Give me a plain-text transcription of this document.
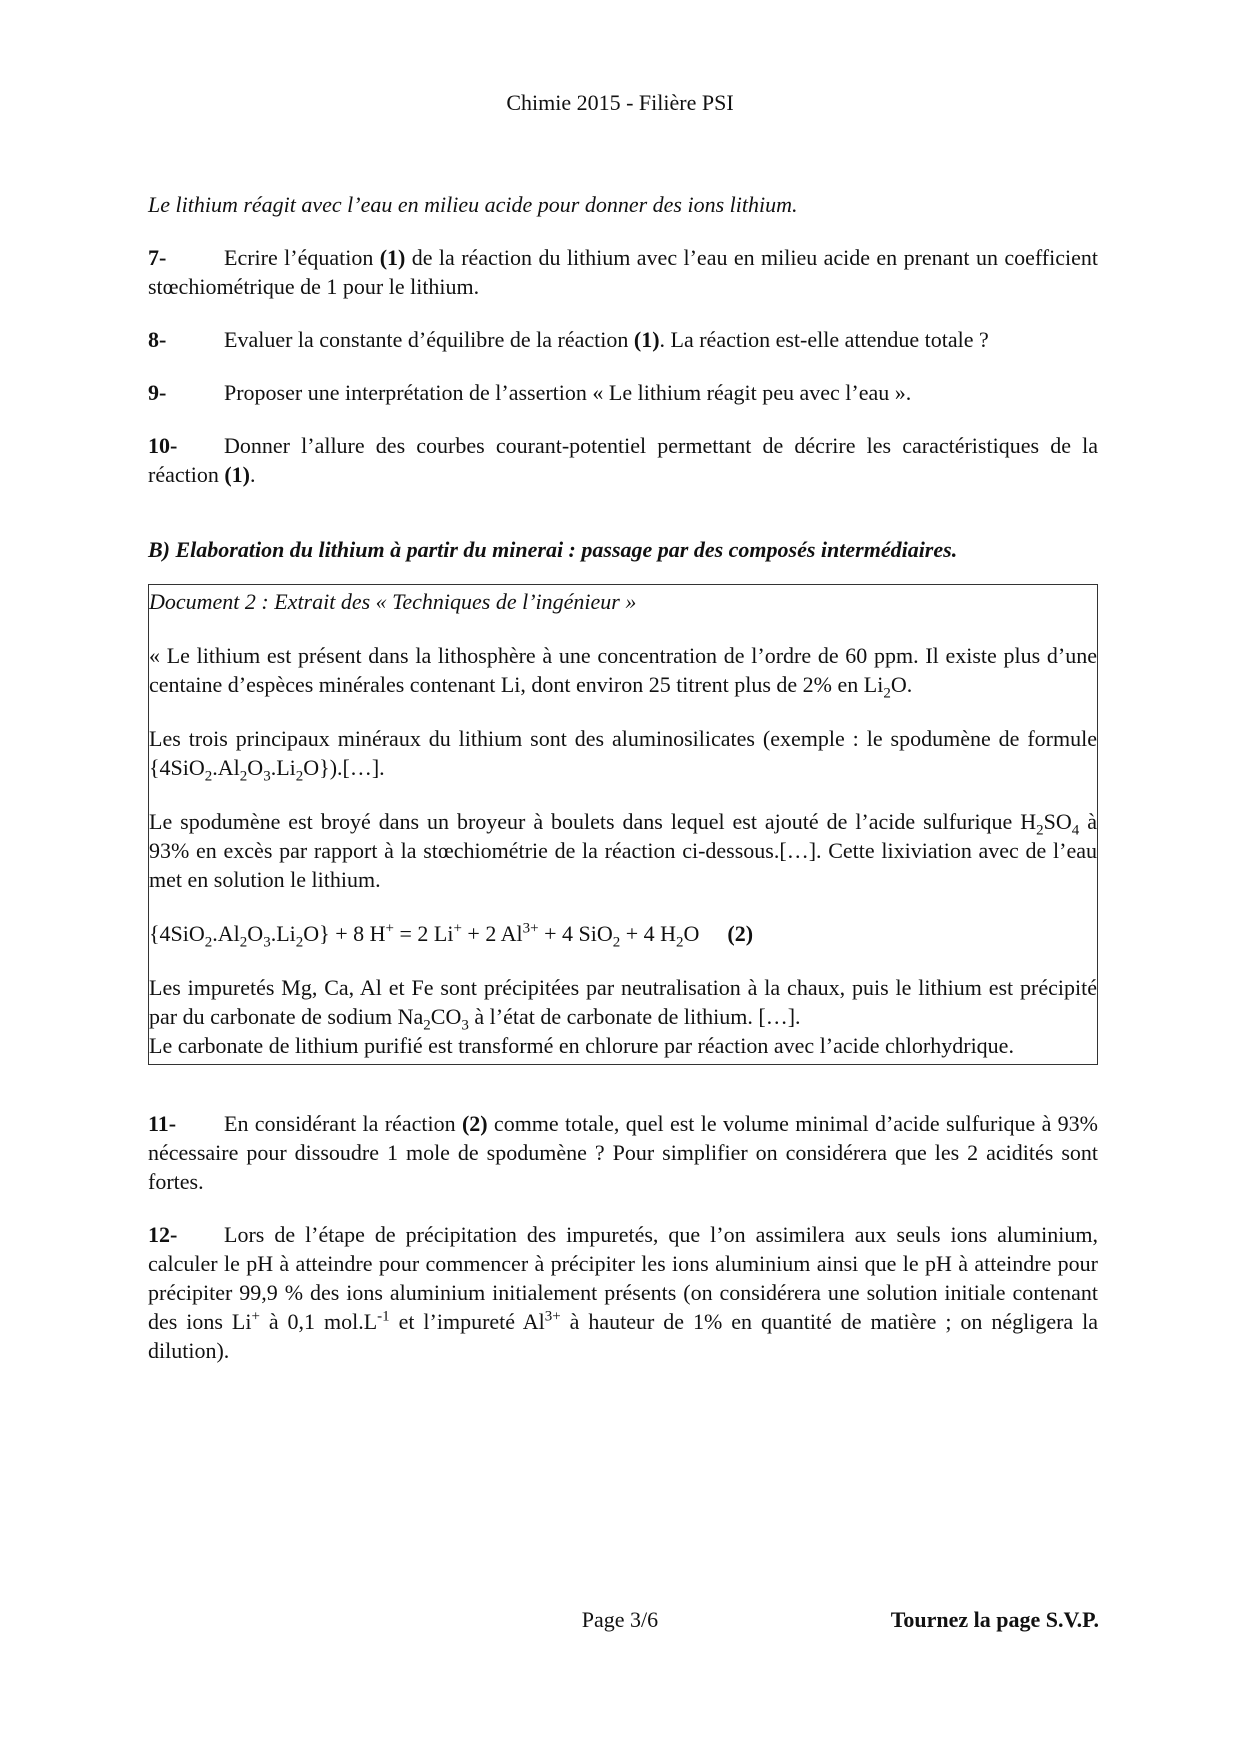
Chimie 2015 - Filière PSI

Le lithium réagit avec l’eau en milieu acide pour donner des ions lithium.

7-	Ecrire l’équation (1) de la réaction du lithium avec l’eau en milieu acide en prenant un coefficient stœchiométrique de 1 pour le lithium.

8-	Evaluer la constante d’équilibre de la réaction (1). La réaction est-elle attendue totale ?

9-	Proposer une interprétation de l’assertion « Le lithium réagit peu avec l’eau ».

10- Donner l’allure des courbes courant-potentiel permettant de décrire les caractéristiques de la réaction (1).

B) Elaboration du lithium à partir du minerai : passage par des composés intermédiaires.

Document 2 : Extrait des « Techniques de l’ingénieur »

« Le lithium est présent dans la lithosphère à une concentration de l’ordre de 60 ppm. Il existe plus d’une centaine d’espèces minérales contenant Li, dont environ 25 titrent plus de 2% en $Li_2O$.

Les trois principaux minéraux du lithium sont des aluminosilicates (exemple : le spodumène de formule $\{4SiO_2.Al_2O_3.Li_2O\}).[\dots]$.

Le spodumène est broyé dans un broyeur à boulets dans lequel est ajouté de l’acide sulfurique $H_2SO_4$ à 93% en excès par rapport à la stœchiométrie de la réaction ci-dessous.[…]. Cette lixiviation avec de l’eau met en solution le lithium.

$\{4SiO_2.Al_2O_3.Li_2O\} + 8$ H+ = 2 Li+ + 2 $Al^{3+} + 4$ SiO$_2$ + 4 $H_2O$ (2)

Les impuretés Mg, Ca, Al et Fe sont précipitées par neutralisation à la chaux, puis le lithium est précipité par du carbonate de sodium $Na_2CO_3$ à l’état de carbonate de lithium. […].
Le carbonate de lithium purifié est transformé en chlorure par réaction avec l’acide chlorhydrique.

11- En considérant la réaction (2) comme totale, quel est le volume minimal d’acide sulfurique à 93% nécessaire pour dissoudre 1 mole de spodumène ? Pour simplifier on considérera que les 2 acidités sont fortes.

12- Lors de l’étape de précipitation des impuretés, que l’on assimilera aux seuls ions aluminium, calculer le pH à atteindre pour commencer à précipiter les ions aluminium ainsi que le pH à atteindre pour précipiter 99,9 % des ions aluminium initialement présents (on considérera une solution initiale contenant des ions Li+ à 0,1 $mol.L^{-1}$ et l’impureté $Al^{3+}$ à hauteur de 1% en quantité de matière ; on négligera la dilution).

Page 3/6	Tournez la page S.V.P.
